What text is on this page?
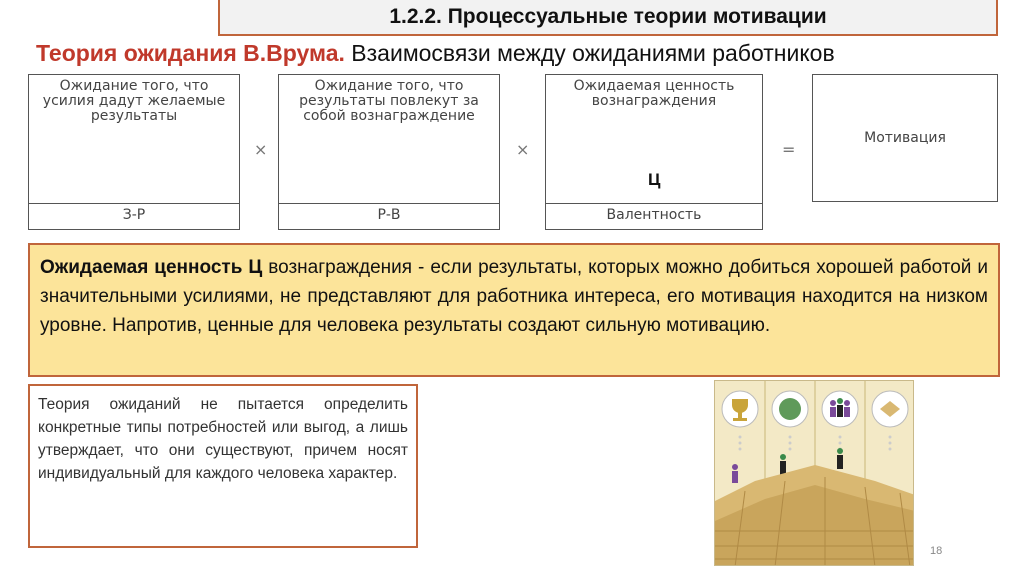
1.2.2. Процессуальные теории мотивации
Теория ожидания В.Врума. Взаимосвязи между ожиданиями работников
Ожидание того, что усилия дадут желаемые результаты
З-Р
×
Ожидание того, что результаты повлекут за собой вознаграждение
Р-В
×
Ожидаемая ценность вознаграждения
Валентность
Ц
=
Мотивация
Ожидаемая ценность Ц вознаграждения - если результаты, которых можно добиться хорошей работой и значительными усилиями, не представляют для работника интереса, его мотивация находится на низком уровне. Напротив, ценные для человека результаты создают сильную мотивацию.
Теория ожиданий не пытается определить конкретные типы потребностей или выгод, а лишь утверждает, что они существуют, причем носят индивидуальный для каждого человека характер.
18
